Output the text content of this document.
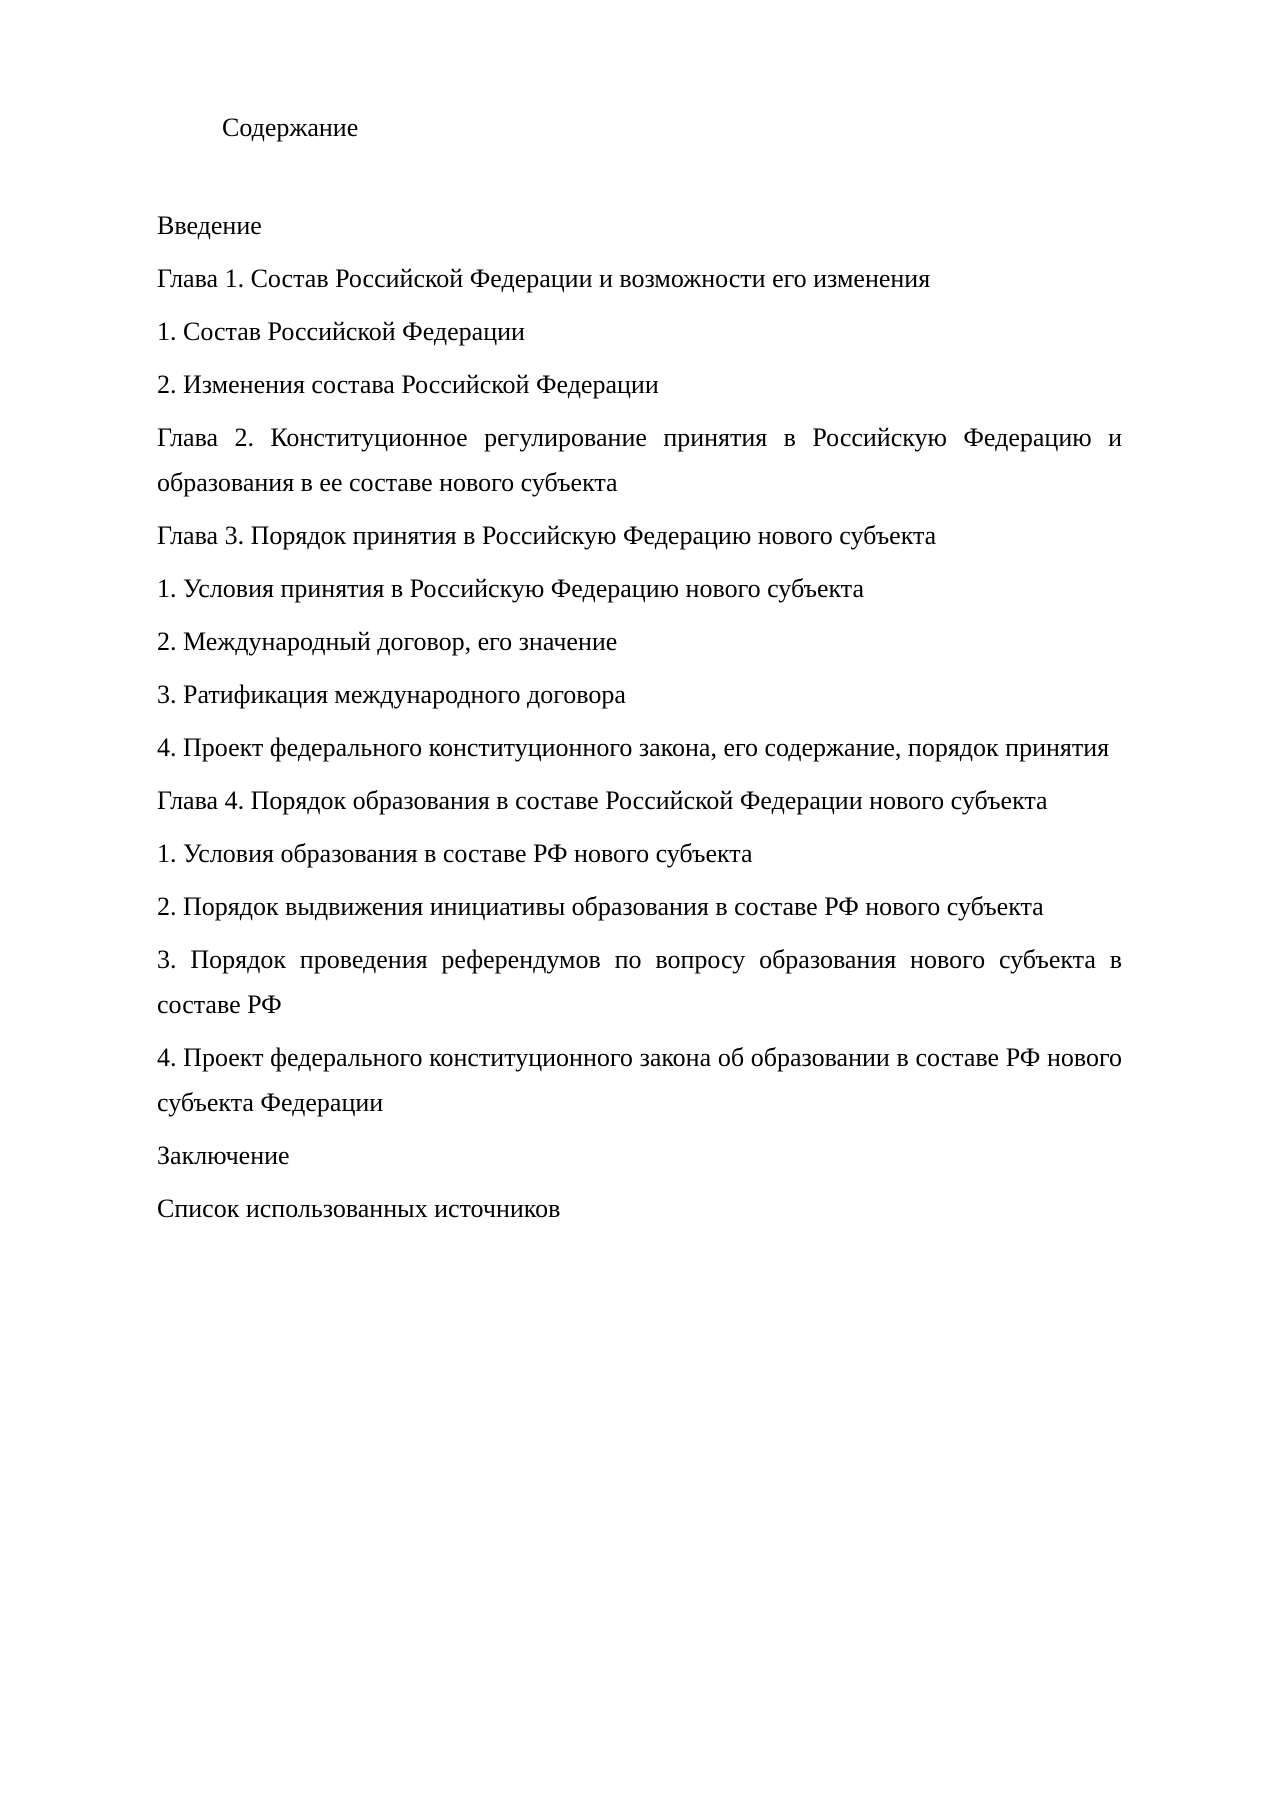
Содержание

Введение

Глава 1. Состав Российской Федерации и возможности его изменения

1. Состав Российской Федерации

2. Изменения состава Российской Федерации

Глава 2. Конституционное регулирование принятия в Российскую Федерацию и образования в ее составе нового субъекта

Глава 3. Порядок принятия в Российскую Федерацию нового субъекта

1. Условия принятия в Российскую Федерацию нового субъекта

2. Международный договор, его значение

3. Ратификация международного договора

4. Проект федерального конституционного закона, его содержание, порядок принятия

Глава 4. Порядок образования в составе Российской Федерации нового субъекта

1. Условия образования в составе РФ нового субъекта

2. Порядок выдвижения инициативы образования в составе РФ нового субъекта

3. Порядок проведения референдумов по вопросу образования нового субъекта в составе РФ

4. Проект федерального конституционного закона об образовании в составе РФ нового субъекта Федерации

Заключение

Список использованных источников
